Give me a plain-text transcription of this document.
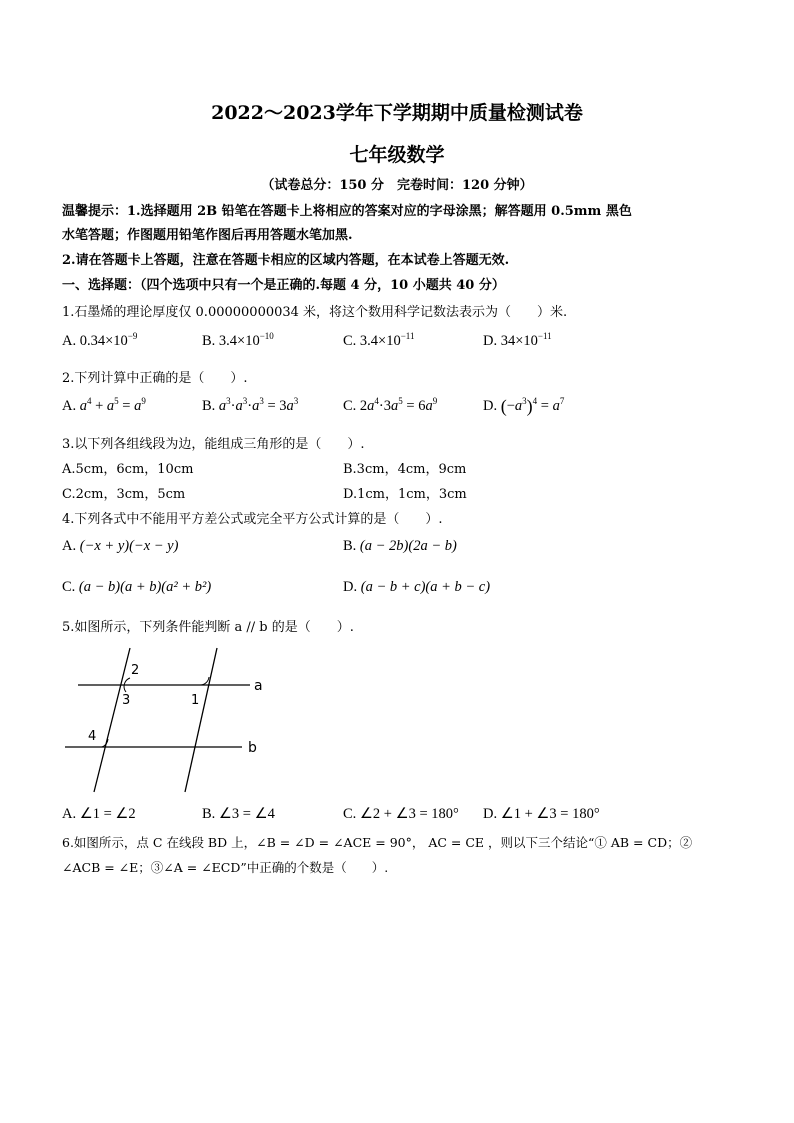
2022～2023学年下学期期中质量检测试卷
七年级数学
（试卷总分：150 分　完卷时间：120 分钟）
温馨提示：1.选择题用 2B 铅笔在答题卡上将相应的答案对应的字母涂黑；解答题用 0.5mm 黑色
水笔答题；作图题用铅笔作图后再用答题水笔加黑.
2.请在答题卡上答题，注意在答题卡相应的区域内答题，在本试卷上答题无效.
一、选择题：（四个选项中只有一个是正确的.每题 4 分，10 小题共 40 分）
1.石墨烯的理论厚度仅 0.00000000034 米，将这个数用科学记数法表示为（　　）米.
A. $0.34\times 10^{-9}$	B. $3.4\times 10^{-10}$	C. $3.4\times 10^{-11}$	D. $34\times 10^{-11}$
2.下列计算中正确的是（　　）.
A. $a^4 + a^5 = a^9$	B. $a^3\cdot a^3\cdot a^3 = 3a^3$	C. $2a^4\cdot 3a^5 = 6a^9$	D. $(-a^3)^4 = a^7$
3.以下列各组线段为边，能组成三角形的是（　　）.
A.5cm，6cm，10cm	B.3cm，4cm，9cm
C.2cm，3cm，5cm	D.1cm，1cm，3cm
4.下列各式中不能用平方差公式或完全平方公式计算的是（　　）.
A. (−x + y)(−x − y)	B. (a − 2b)(2a − b)
C. (a − b)(a + b)(a² + b²)	D. (a − b + c)(a + b − c)
5.如图所示，下列条件能判断 a // b 的是（　　）.
2
3	1
4
a
b
A. ∠1 = ∠2	B. ∠3 = ∠4	C. ∠2 + ∠3 = 180° D. ∠1 + ∠3 = 180°
6.如图所示，点 C 在线段 BD 上，∠B = ∠D = ∠ACE = 90°， AC = CE ，则以下三个结论“① AB = CD；②
∠ACB = ∠E；③∠A = ∠ECD”中正确的个数是（　　）.
